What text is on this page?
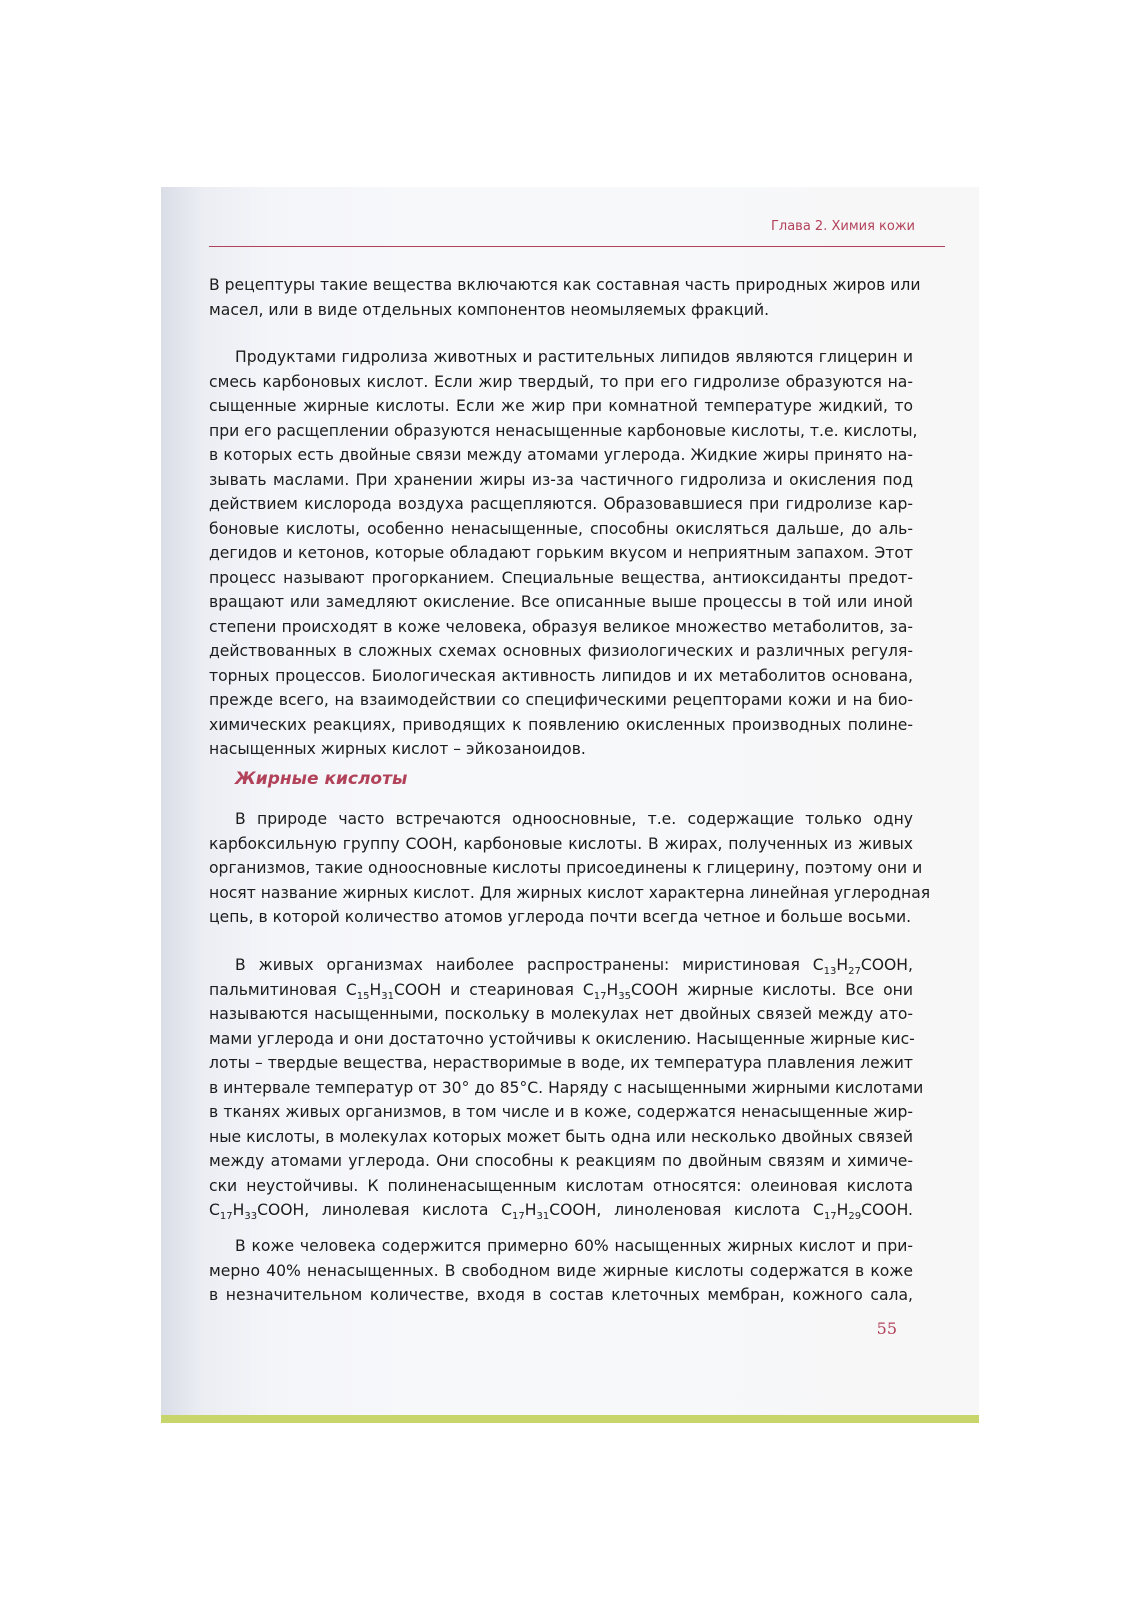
Глава 2. Химия кожи

В рецептуры такие вещества включаются как составная часть природных жиров или
масел, или в виде отдельных компонентов неомыляемых фракций.

Продуктами гидролиза животных и растительных липидов являются глицерин и
смесь карбоновых кислот. Если жир твердый, то при его гидролизе образуются на-
сыщенные жирные кислоты. Если же жир при комнатной температуре жидкий, то
при его расщеплении образуются ненасыщенные карбоновые кислоты, т.е. кислоты,
в которых есть двойные связи между атомами углерода. Жидкие жиры принято на-
зывать маслами. При хранении жиры из-за частичного гидролиза и окисления под
действием кислорода воздуха расщепляются. Образовавшиеся при гидролизе кар-
боновые кислоты, особенно ненасыщенные, способны окисляться дальше, до аль-
дегидов и кетонов, которые обладают горьким вкусом и неприятным запахом. Этот
процесс называют прогорканием. Специальные вещества, антиоксиданты предот-
вращают или замедляют окисление. Все описанные выше процессы в той или иной
степени происходят в коже человека, образуя великое множество метаболитов, за-
действованных в сложных схемах основных физиологических и различных регуля-
торных процессов. Биологическая активность липидов и их метаболитов основана,
прежде всего, на взаимодействии со специфическими рецепторами кожи и на био-
химических реакциях, приводящих к появлению окисленных производных полине-
насыщенных жирных кислот – эйкозаноидов.

Жирные кислоты

В природе часто встречаются одноосновные, т.е. содержащие только одну
карбоксильную группу COOH, карбоновые кислоты. В жирах, полученных из живых
организмов, такие одноосновные кислоты присоединены к глицерину, поэтому они и
носят название жирных кислот. Для жирных кислот характерна линейная углеродная
цепь, в которой количество атомов углерода почти всегда четное и больше восьми.

В живых организмах наиболее распространены: миристиновая $C_{13}H_{27}COOH$,
пальмитиновая $C_{15}H_{31}COOH$ и стеариновая $C_{17}H_{35}COOH$ жирные кислоты. Все они
называются насыщенными, поскольку в молекулах нет двойных связей между ато-
мами углерода и они достаточно устойчивы к окислению. Насыщенные жирные кис-
лоты – твердые вещества, нерастворимые в воде, их температура плавления лежит
в интервале температур от 30° до 85°С. Наряду с насыщенными жирными кислотами
в тканях живых организмов, в том числе и в коже, содержатся ненасыщенные жир-
ные кислоты, в молекулах которых может быть одна или несколько двойных связей
между атомами углерода. Они способны к реакциям по двойным связям и химиче-
ски неустойчивы. К полиненасыщенным кислотам относятся: олеиновая кислота
$C_{17}H_{33}COOH$, линолевая кислота $C_{17}H_{31}COOH$, линоленовая кислота $C_{17}H_{29}COOH$.

В коже человека содержится примерно 60% насыщенных жирных кислот и при-
мерно 40% ненасыщенных. В свободном виде жирные кислоты содержатся в коже
в незначительном количестве, входя в состав клеточных мембран, кожного сала,

55
